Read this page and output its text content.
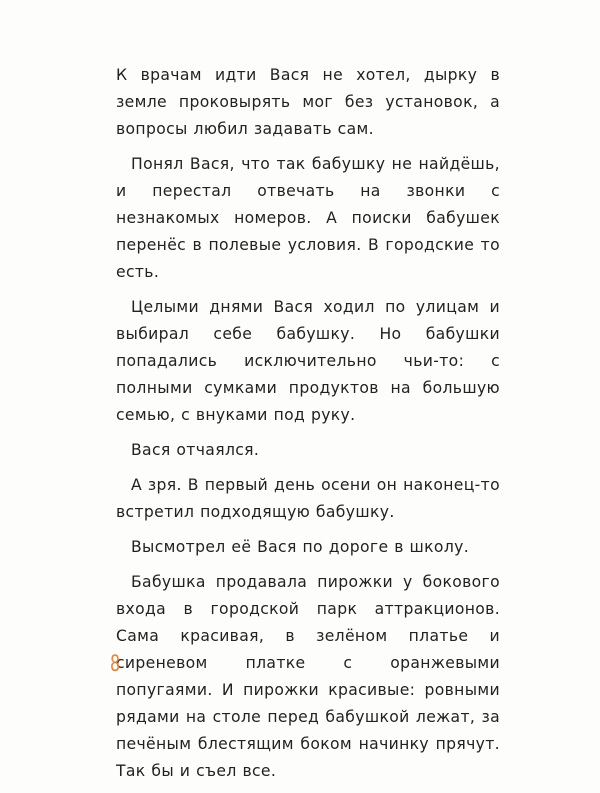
К врачам идти Вася не хотел, дырку в земле проковырять мог без установок, а вопросы любил задавать сам.

Понял Вася, что так бабушку не найдёшь, и перестал отвечать на звонки с незнакомых номеров. А поиски бабушек перенёс в полевые условия. В городские то есть.

Целыми днями Вася ходил по улицам и выбирал себе бабушку. Но бабушки попадались исключительно чьи-то: с полными сумками продуктов на большую семью, с внуками под руку.

Вася отчаялся.

А зря. В первый день осени он наконец-то встретил подходящую бабушку.

Высмотрел её Вася по дороге в школу.

Бабушка продавала пирожки у бокового входа в городской парк аттракционов. Сама красивая, в зелёном платье и сиреневом платке с оранжевыми попугаями. И пирожки красивые: ровными рядами на столе перед бабушкой лежат, за печёным блестящим боком начинку прячут. Так бы и съел все.

8
